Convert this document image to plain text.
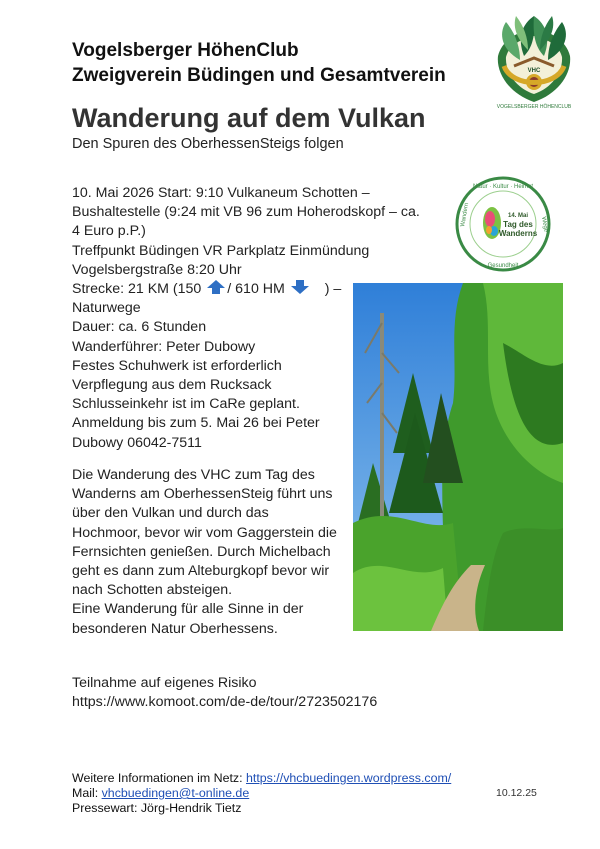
Vogelsberger HöhenClub
Zweigverein Büdingen und Gesamtverein	VHC
VOGELSBERGER HÖHENCLUB
Wanderung auf dem Vulkan
Den Spuren des OberhessenSteigs folgen
Natur · Kultur · Heimat
Wandern	Wege
Gesundheit
14. Mai
Tag des
Wanderns
10. Mai 2026 Start: 9:10 Vulkaneum Schotten –
Bushaltestelle (9:24 mit VB 96 zum Hoherodskopf – ca.
4 Euro p.P.)
Treffpunkt Büdingen VR Parkplatz Einmündung
Vogelsbergstraße 8:20 Uhr
Strecke: 21 KM (150 / 610 HM	) –
Naturwege
Dauer: ca. 6 Stunden
Wanderführer: Peter Dubowy
Festes Schuhwerk ist erforderlich
Verpflegung aus dem Rucksack
Schlusseinkehr ist im CaRe geplant.
Anmeldung bis zum 5. Mai 26 bei Peter
Dubowy 06042-7511
Die Wanderung des VHC zum Tag des
Wanderns am OberhessenSteig führt uns
über den Vulkan und durch das
Hochmoor, bevor wir vom Gaggerstein die
Fernsichten genießen. Durch Michelbach
geht es dann zum Alteburgkopf bevor wir
nach Schotten absteigen.
Eine Wanderung für alle Sinne in der
besonderen Natur Oberhessens.
Teilnahme auf eigenes Risiko
https://www.komoot.com/de-de/tour/2723502176
Weitere Informationen im Netz: https://vhcbuedingen.wordpress.com/
Mail: vhcbuedingen@t-online.de
Pressewart: Jörg-Hendrik Tietz
10.12.25
